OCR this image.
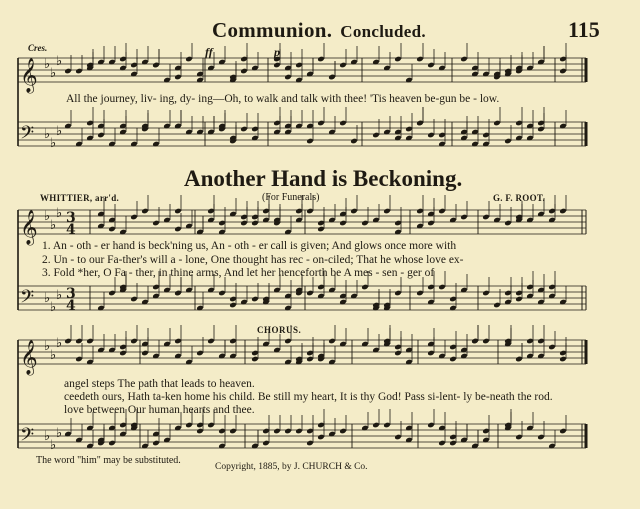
𝄞 ♭
♭
♭
𝄢 ♭
♭
♭
𝄞 ♭
♭
♭
𝄢 ♭
♭
♭
3
4
3
4
𝄞 ♭
♭
♭
𝄢 ♭
♭
♭
Communion. Concluded.	115
Cres.	ff	p
All the journey, liv- ing, dy- ing—Oh, to walk and talk with thee! 'Tis heaven be-gun be - low.
Another Hand is Beckoning.
(For Funerals)
WHITTIER, arr'd.	G. F. ROOT.
1. An - oth - er hand is beck'ning us, An - oth - er call is given; And glows once more with
2. Un - to our Fa-ther's will a - lone, One thought has rec - on-ciled; That he whose love ex-
3. Fold *her, O Fa - ther, in thine arms, And let her henceforth be A mes - sen - ger of
CHORUS.
angel steps The path that leads to heaven.
ceedeth ours, Hath ta-ken home his child. Be still my heart, It is thy God! Pass si-lent- ly be-neath the rod.
love between Our human hearts and thee.
The word "him" may be substituted.
Copyright, 1885, by J. CHURCH & Co.
